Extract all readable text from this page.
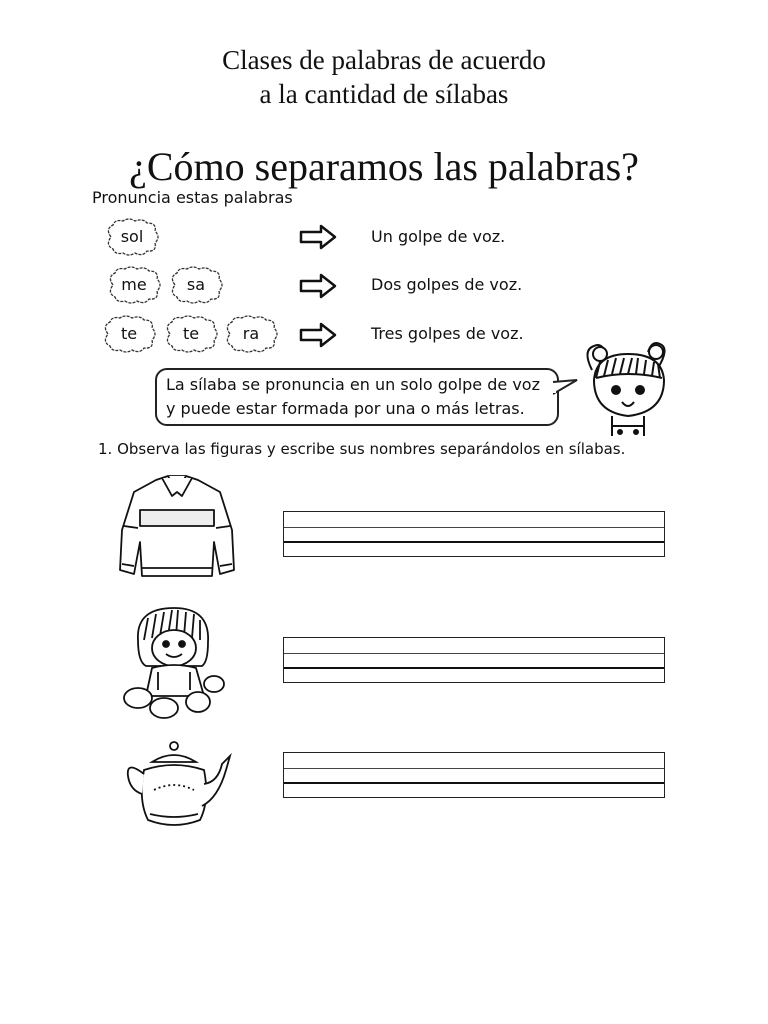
Clases de palabras de acuerdo
a la cantidad de sílabas
¿Cómo separamos las palabras?
Pronuncia estas palabras
sol	Un golpe de voz.
me	sa	Dos golpes de voz.
te	te	ra	Tres golpes de voz.
La sílaba se pronuncia en un solo golpe de voz
y puede estar formada por una o más letras.
1. Observa las figuras y escribe sus nombres separándolos en sílabas.
